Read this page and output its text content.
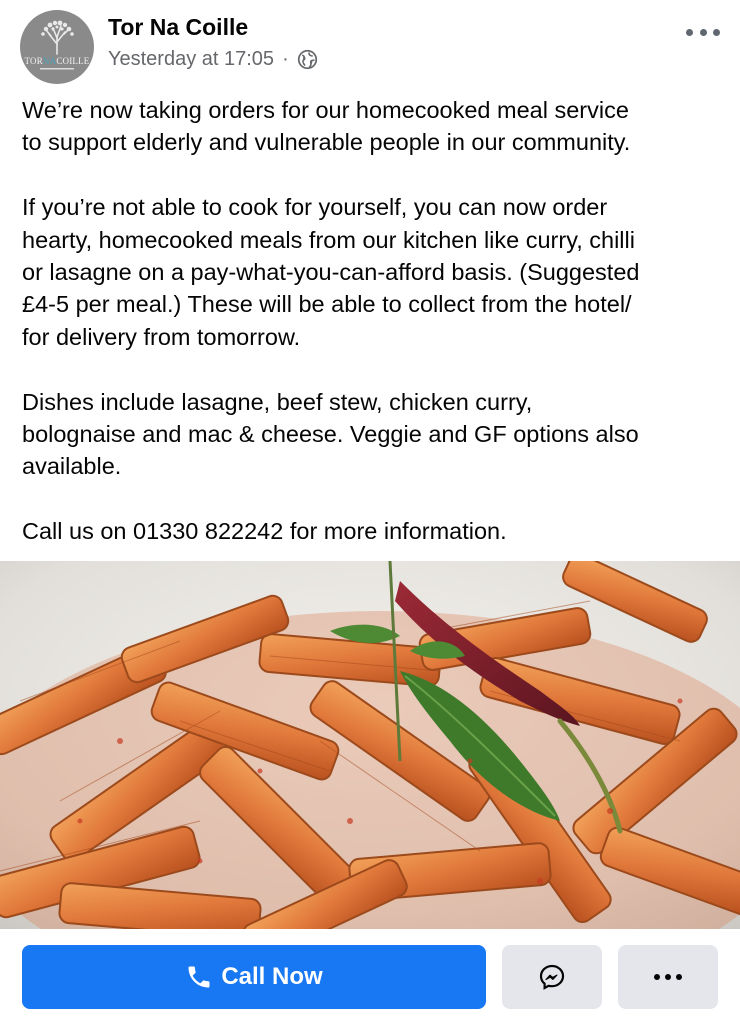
TORNACOILLE
Tor Na Coille
Yesterday at 17:05 ·

We’re now taking orders for our homecooked meal service
to support elderly and vulnerable people in our community.

If you’re not able to cook for yourself, you can now order
hearty, homecooked meals from our kitchen like curry, chilli
or lasagne on a pay-what-you-can-afford basis. (Suggested
£4-5 per meal.) These will be able to collect from the hotel/
for delivery from tomorrow.

Dishes include lasagne, beef stew, chicken curry,
bolognaise and mac & cheese. Veggie and GF options also
available.

Call us on 01330 822242 for more information.

Call Now
